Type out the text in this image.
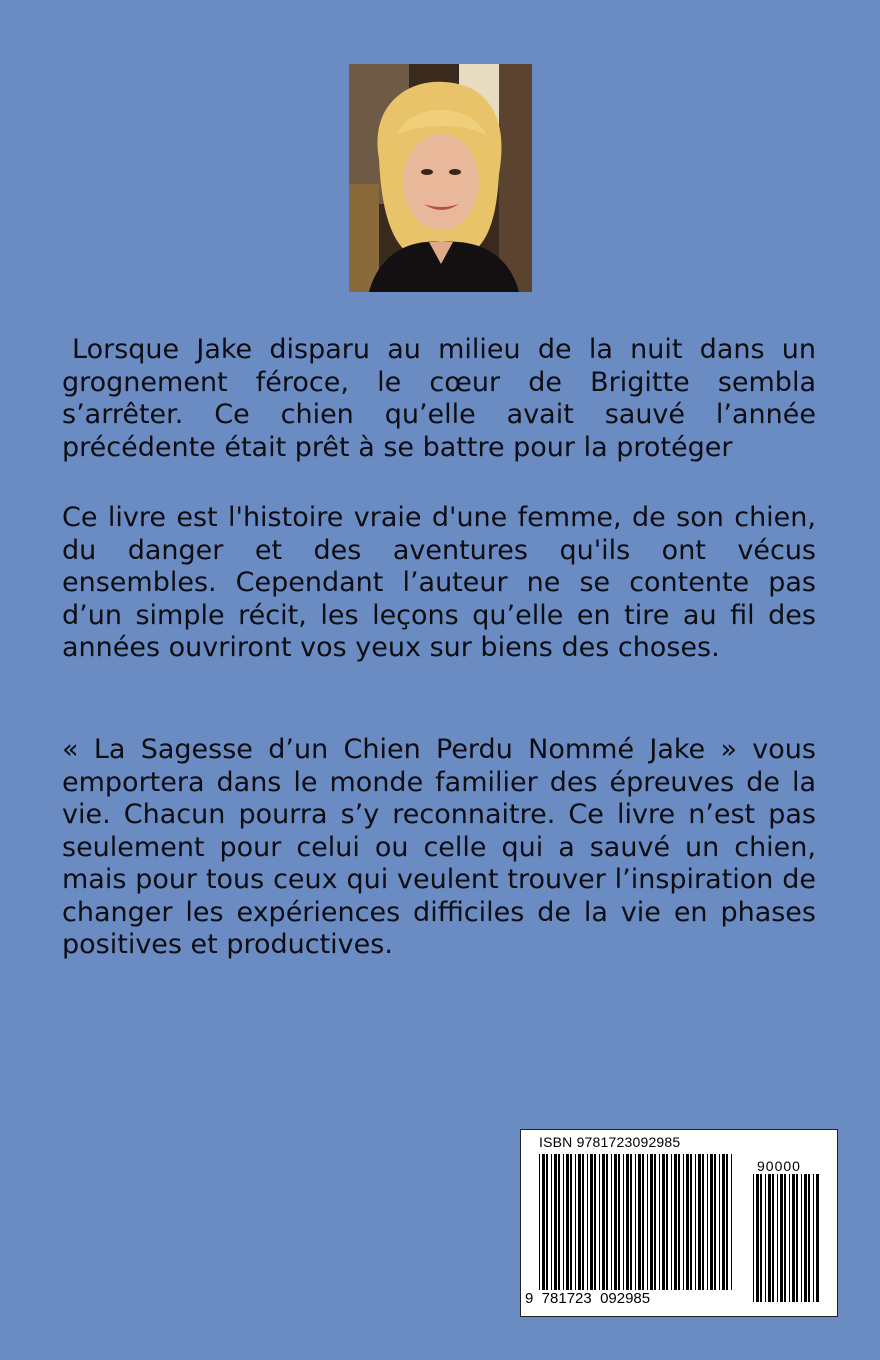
Lorsque Jake disparu au milieu de la nuit dans un grognement féroce, le cœur de Brigitte sembla s’arrêter. Ce chien qu’elle avait sauvé l’année précédente était prêt à se battre pour la protéger

Ce livre est l'histoire vraie d'une femme, de son chien, du danger et des aventures qu'ils ont vécus ensembles. Cependant l’auteur ne se contente pas d’un simple récit, les leçons qu’elle en tire au fil des années ouvriront vos yeux sur biens des choses.

« La Sagesse d’un Chien Perdu Nommé Jake » vous emportera dans le monde familier des épreuves de la vie. Chacun pourra s’y reconnaitre. Ce livre n’est pas seulement pour celui ou celle qui a sauvé un chien, mais pour tous ceux qui veulent trouver l’inspiration de changer les expériences difficiles de la vie en phases positives et productives.

ISBN 9781723092985
90000
9  781723  092985
